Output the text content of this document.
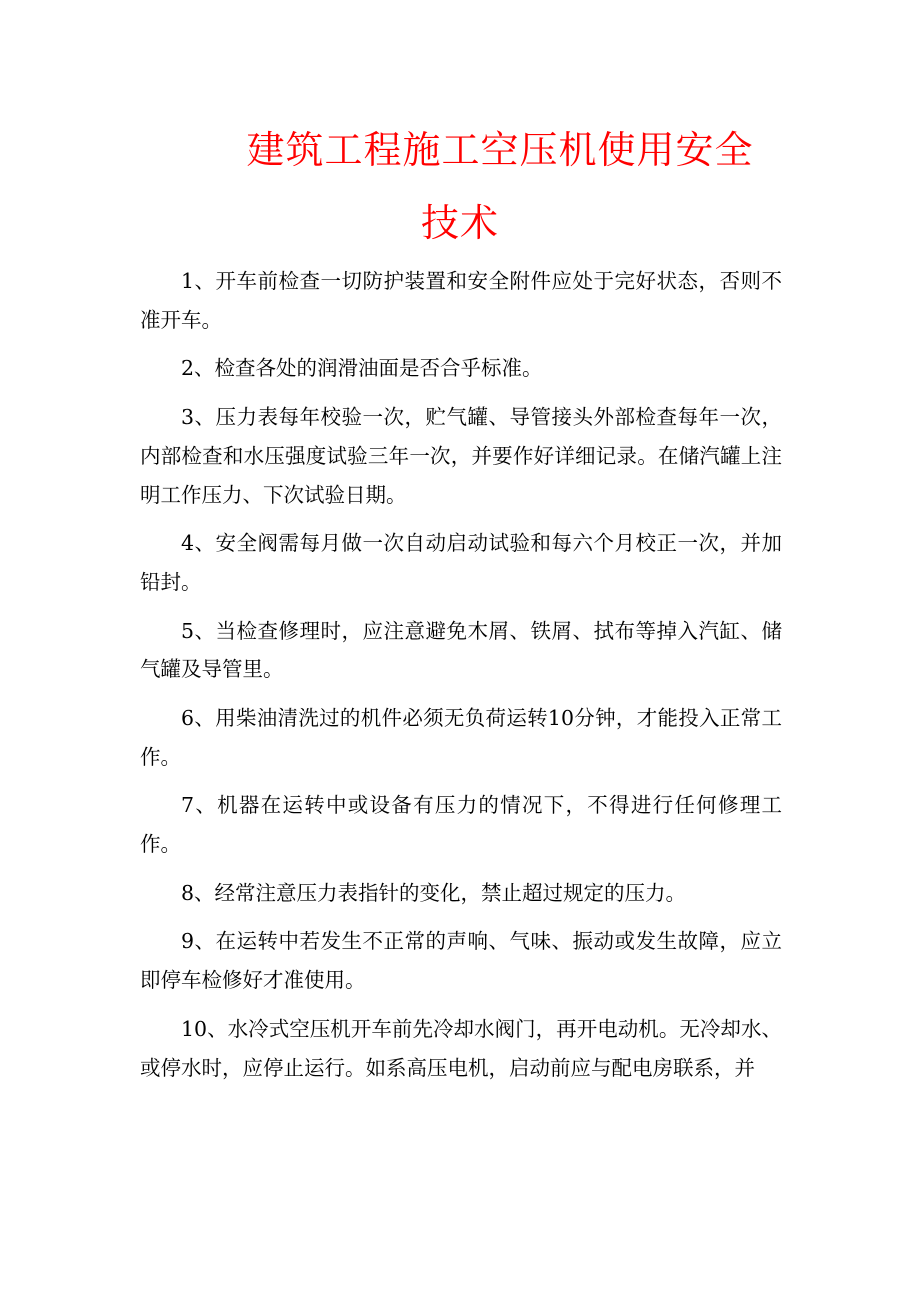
建筑工程施工空压机使用安全
技术

1、开车前检查一切防护装置和安全附件应处于完好状态，否则不准开车。

2、检查各处的润滑油面是否合乎标准。

3、压力表每年校验一次，贮气罐、导管接头外部检查每年一次，内部检查和水压强度试验三年一次，并要作好详细记录。在储汽罐上注明工作压力、下次试验日期。

4、安全阀需每月做一次自动启动试验和每六个月校正一次，并加铅封。

5、当检查修理时，应注意避免木屑、铁屑、拭布等掉入汽缸、储气罐及导管里。

6、用柴油清洗过的机件必须无负荷运转10分钟，才能投入正常工作。

7、机器在运转中或设备有压力的情况下，不得进行任何修理工作。

8、经常注意压力表指针的变化，禁止超过规定的压力。

9、在运转中若发生不正常的声响、气味、振动或发生故障，应立即停车检修好才准使用。

10、水冷式空压机开车前先冷却水阀门，再开电动机。无冷却水、或停水时，应停止运行。如系高压电机，启动前应与配电房联系，并
